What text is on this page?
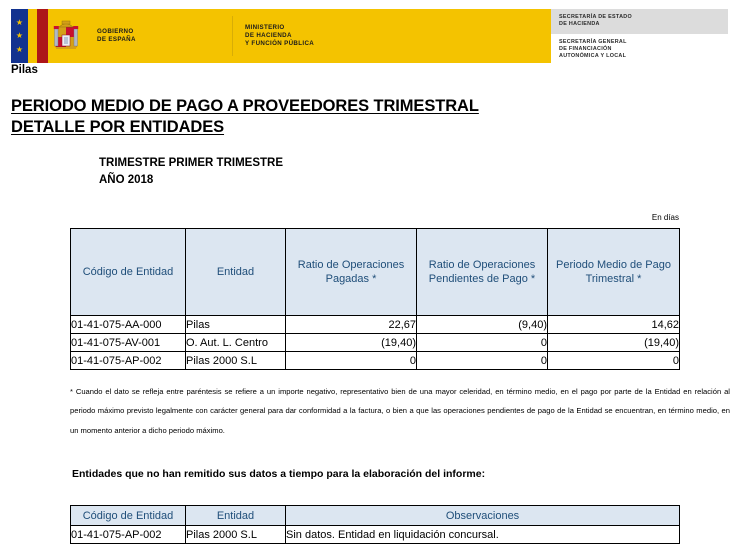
★
★
★
GOBIERNO
DE ESPAÑA
MINISTERIO
DE HACIENDA
Y FUNCIÓN PÚBLICA
SECRETARÍA DE ESTADO
DE HACIENDA
SECRETARÍA GENERAL
DE FINANCIACIÓN
AUTONÓMICA Y LOCAL
Pilas
PERIODO MEDIO DE PAGO A PROVEEDORES TRIMESTRAL
DETALLE POR ENTIDADES
TRIMESTRE PRIMER TRIMESTRE
AÑO 2018
En días
Código de Entidad	Entidad	Ratio de Operaciones Pagadas *	Ratio de Operaciones Pendientes de Pago *	Periodo Medio de Pago Trimestral *
01-41-075-AA-000	Pilas	22,67	(9,40)	14,62
01-41-075-AV-001	O. Aut. L. Centro	(19,40)	0	(19,40)
01-41-075-AP-002	Pilas 2000 S.L	0	0	0
* Cuando el dato se refleja entre paréntesis se refiere a un importe negativo, representativo bien de una mayor celeridad, en término medio, en el pago por parte de la Entidad en relación al periodo máximo previsto legalmente con carácter general para dar conformidad a la factura, o bien a que las operaciones pendientes de pago de la Entidad se encuentran, en término medio, en un momento anterior a dicho periodo máximo.
Entidades que no han remitido sus datos a tiempo para la elaboración del informe:
Código de Entidad	Entidad	Observaciones
01-41-075-AP-002	Pilas 2000 S.L	Sin datos. Entidad en liquidación concursal.
